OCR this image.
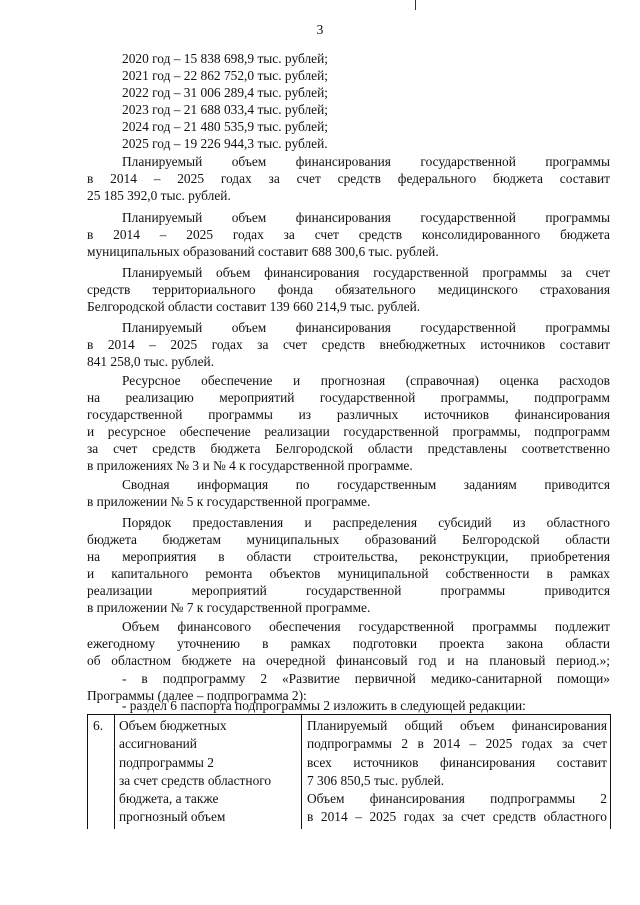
3
2020 год – 15 838 698,9 тыс. рублей;
2021 год – 22 862 752,0 тыс. рублей;
2022 год – 31 006 289,4 тыс. рублей;
2023 год – 21 688 033,4 тыс. рублей;
2024 год – 21 480 535,9 тыс. рублей;
2025 год – 19 226 944,3 тыс. рублей.
Планируемый объем финансирования государственной программы
в 2014 – 2025 годах за счет средств федерального бюджета составит
25 185 392,0 тыс. рублей.
Планируемый объем финансирования государственной программы
в 2014 – 2025 годах за счет средств консолидированного бюджета
муниципальных образований составит 688 300,6 тыс. рублей.
Планируемый объем финансирования государственной программы за счет
средств территориального фонда обязательного медицинского страхования
Белгородской области составит 139 660 214,9 тыс. рублей.
Планируемый объем финансирования государственной программы
в 2014 – 2025 годах за счет средств внебюджетных источников составит
841 258,0 тыс. рублей.
Ресурсное обеспечение и прогнозная (справочная) оценка расходов
на реализацию мероприятий государственной программы, подпрограмм
государственной программы из различных источников финансирования
и ресурсное обеспечение реализации государственной программы, подпрограмм
за счет средств бюджета Белгородской области представлены соответственно
в приложениях № 3 и № 4 к государственной программе.
Сводная информация по государственным заданиям приводится
в приложении № 5 к государственной программе.
Порядок предоставления и распределения субсидий из областного
бюджета бюджетам муниципальных образований Белгородской области
на мероприятия в области строительства, реконструкции, приобретения
и капитального ремонта объектов муниципальной собственности в рамках
реализации мероприятий государственной программы приводится
в приложении № 7 к государственной программе.
Объем финансового обеспечения государственной программы подлежит
ежегодному уточнению в рамках подготовки проекта закона области
об областном бюджете на очередной финансовый год и на плановый период.»;
- в подпрограмму 2 «Развитие первичной медико-санитарной помощи»
Программы (далее – подпрограмма 2):
- раздел 6 паспорта подпрограммы 2 изложить в следующей редакции:
6. Объем бюджетных
ассигнований
подпрограммы 2
за счет средств областного
бюджета, а также
прогнозный объем
Планируемый общий объем финансирования
подпрограммы 2 в 2014 – 2025 годах за счет
всех источников финансирования составит
7 306 850,5 тыс. рублей.
Объем финансирования подпрограммы 2
в 2014 – 2025 годах за счет средств областного
